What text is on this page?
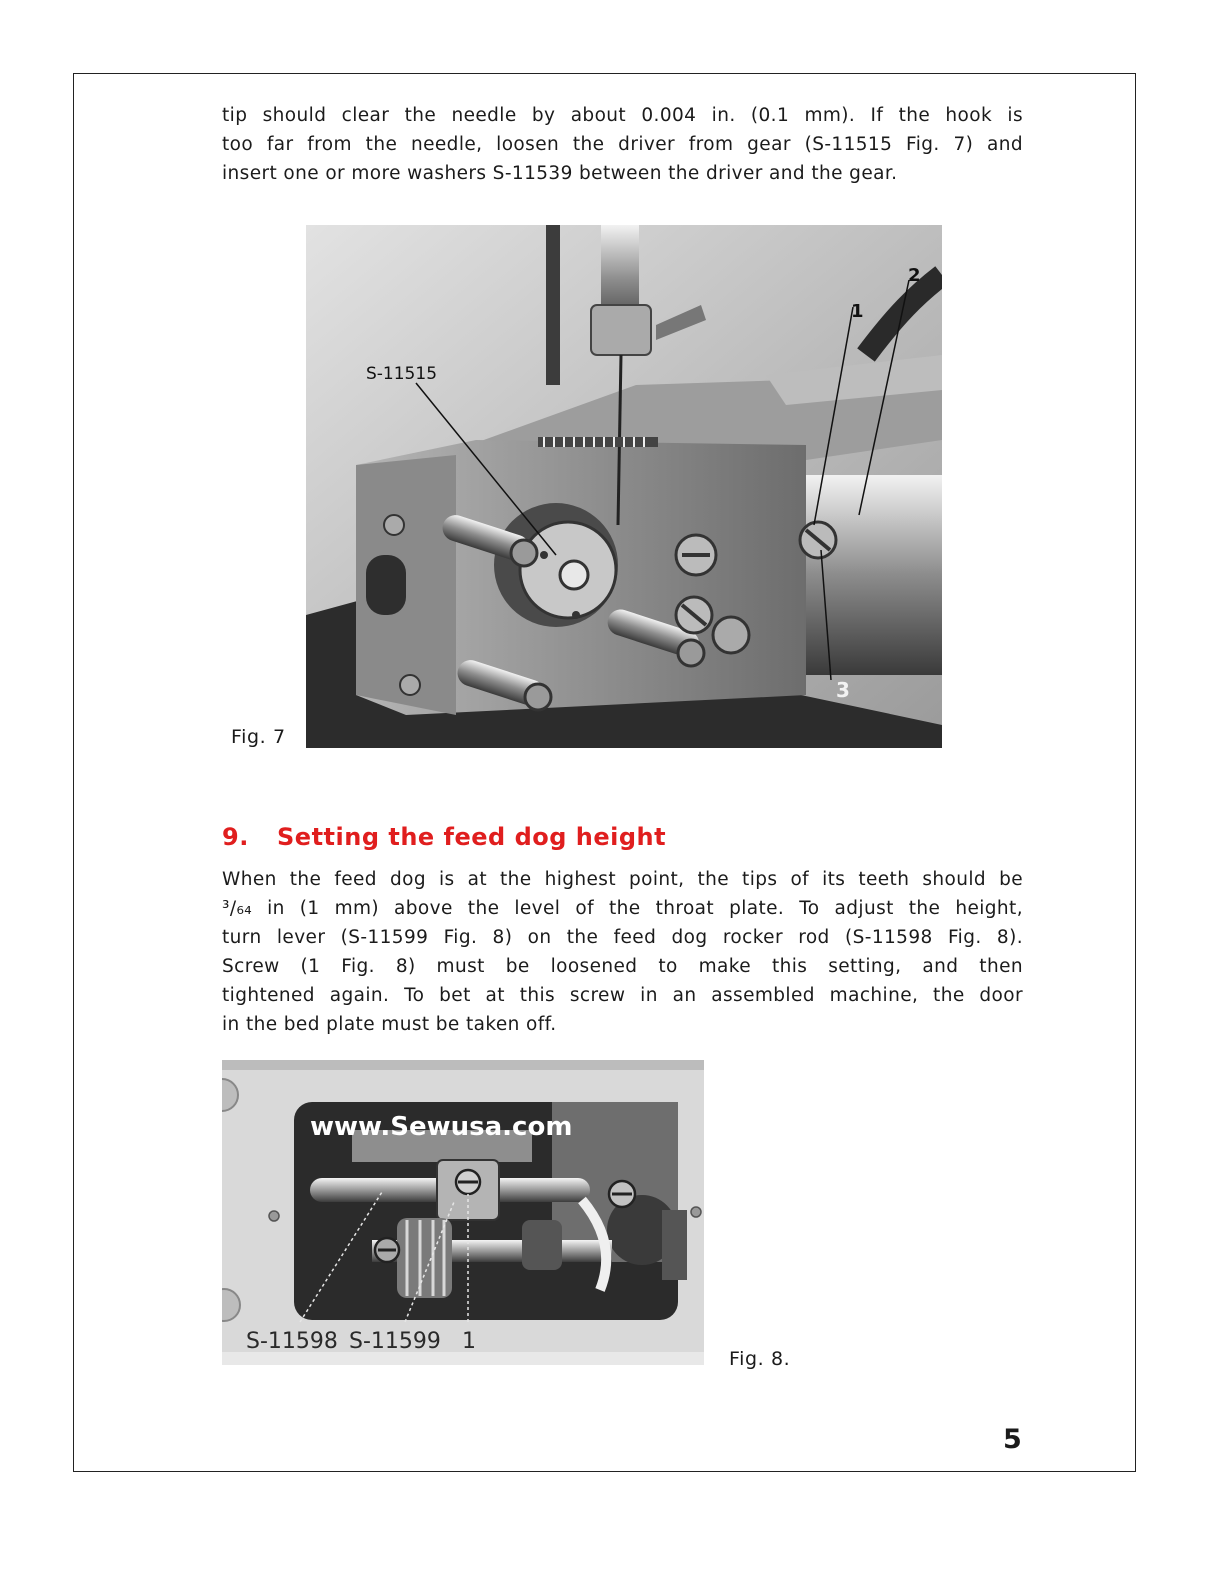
tip should clear the needle by about 0.004 in. (0.1 mm). If the hook is
too far from the needle, loosen the driver from gear (S-11515 Fig. 7) and
insert one or more washers S-11539 between the driver and the gear.

S-11515
1
2
3
Fig. 7
9. Setting the feed dog height

When the feed dog is at the highest point, the tips of its teeth should be
³/₆₄ in (1 mm) above the level of the throat plate. To adjust the height,
turn lever (S-11599 Fig. 8) on the feed dog rocker rod (S-11598 Fig. 8).
Screw (1 Fig. 8) must be loosened to make this setting, and then
tightened again. To bet at this screw in an assembled machine, the door
in the bed plate must be taken off.

www.Sewusa.com
S-11598 S-11599 1
Fig. 8.
5
